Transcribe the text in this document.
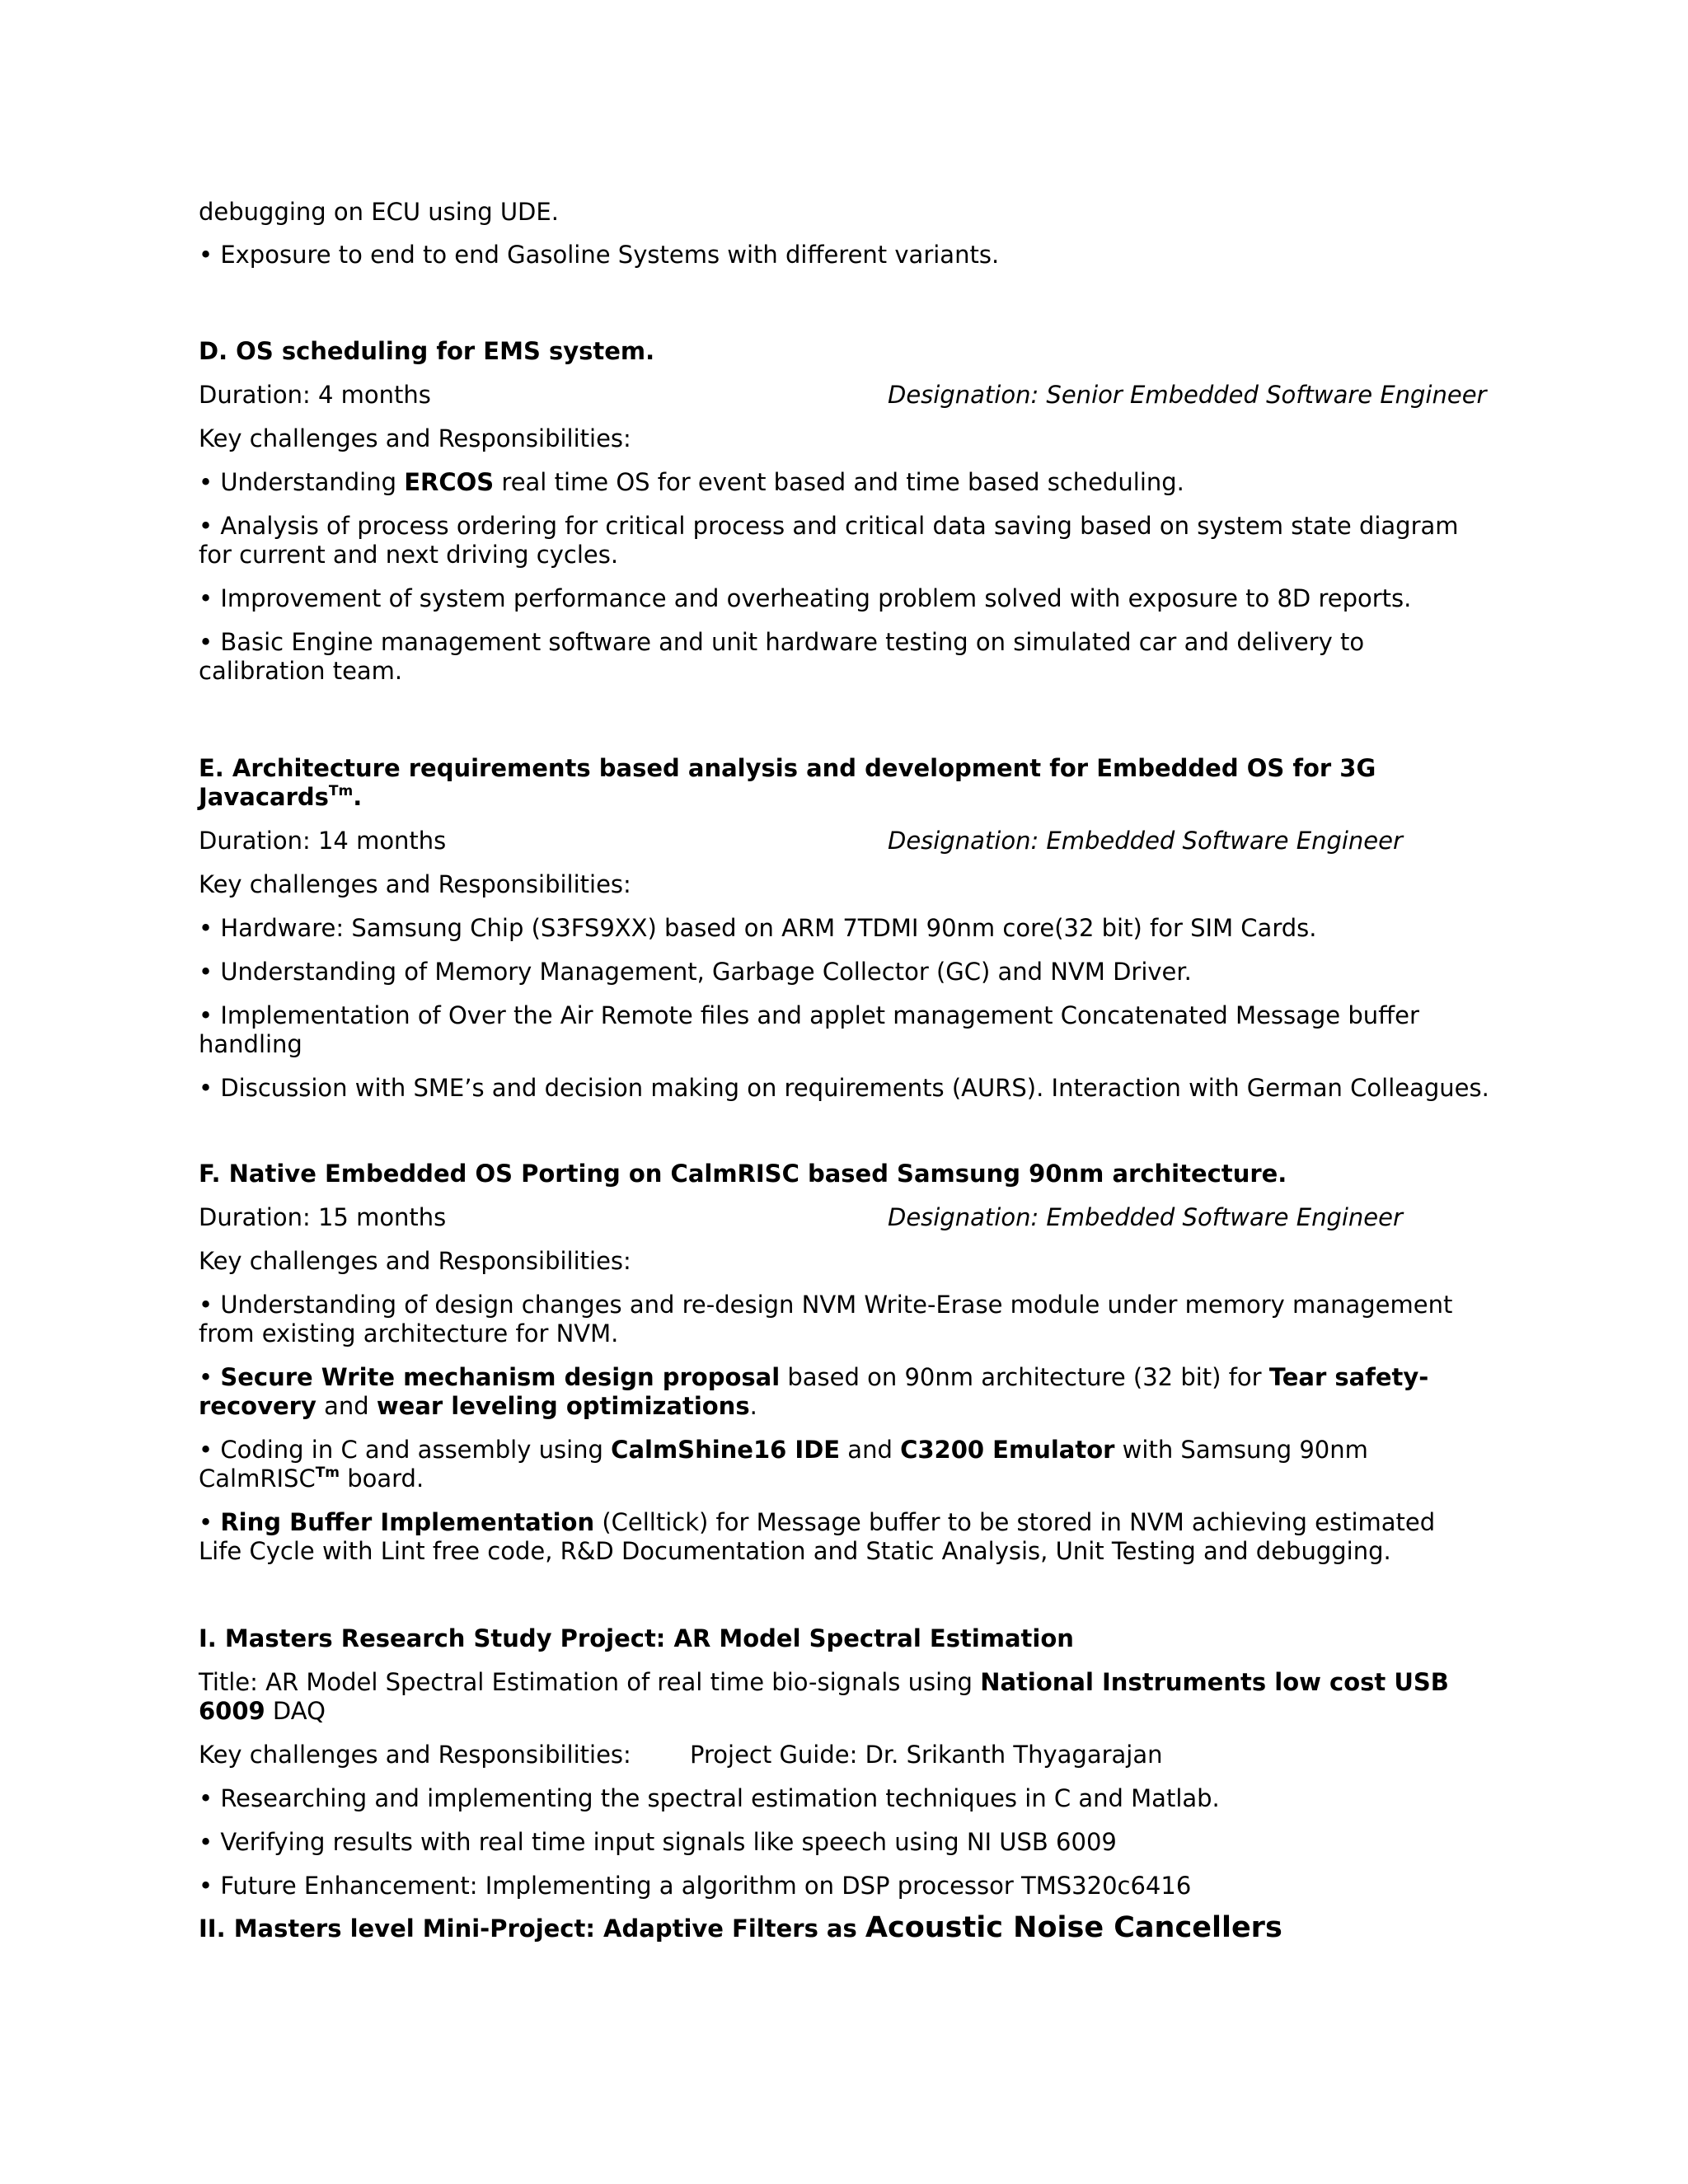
debugging on ECU using UDE.
• Exposure to end to end Gasoline Systems with different variants.
D. OS scheduling for EMS system.
Duration: 4 months	Designation: Senior Embedded Software Engineer
Key challenges and Responsibilities:
• Understanding ERCOS real time OS for event based and time based scheduling.
• Analysis of process ordering for critical process and critical data saving based on system state diagram for current and next driving cycles.
• Improvement of system performance and overheating problem solved with exposure to 8D reports.
• Basic Engine management software and unit hardware testing on simulated car and delivery to calibration team.
E. Architecture requirements based analysis and development for Embedded OS for 3G Javacards$^{Tm}$.
Duration: 14 months	Designation: Embedded Software Engineer
Key challenges and Responsibilities:
• Hardware: Samsung Chip (S3FS9XX) based on ARM 7TDMI 90nm core(32 bit) for SIM Cards.
• Understanding of Memory Management, Garbage Collector (GC) and NVM Driver.
• Implementation of Over the Air Remote files and applet management Concatenated Message buffer handling
• Discussion with SME’s and decision making on requirements (AURS). Interaction with German Colleagues.
F. Native Embedded OS Porting on CalmRISC based Samsung 90nm architecture.
Duration: 15 months	Designation: Embedded Software Engineer
Key challenges and Responsibilities:
• Understanding of design changes and re-design NVM Write-Erase module under memory management from existing architecture for NVM.
• Secure Write mechanism design proposal based on 90nm architecture (32 bit) for Tear safety-recovery and wear leveling optimizations.
• Coding in C and assembly using CalmShine16 IDE and C3200 Emulator with Samsung 90nm CalmRISC$^{Tm}$ board.
• Ring Buffer Implementation (Celltick) for Message buffer to be stored in NVM achieving estimated Life Cycle with Lint free code, R&D Documentation and Static Analysis, Unit Testing and debugging.
I. Masters Research Study Project: AR Model Spectral Estimation
Title: AR Model Spectral Estimation of real time bio-signals using National Instruments low cost USB 6009 DAQ
Key challenges and Responsibilities: Project Guide: Dr. Srikanth Thyagarajan
• Researching and implementing the spectral estimation techniques in C and Matlab.
• Verifying results with real time input signals like speech using NI USB 6009
• Future Enhancement: Implementing a algorithm on DSP processor TMS320c6416
II. Masters level Mini-Project: Adaptive Filters as Acoustic Noise Cancellers
